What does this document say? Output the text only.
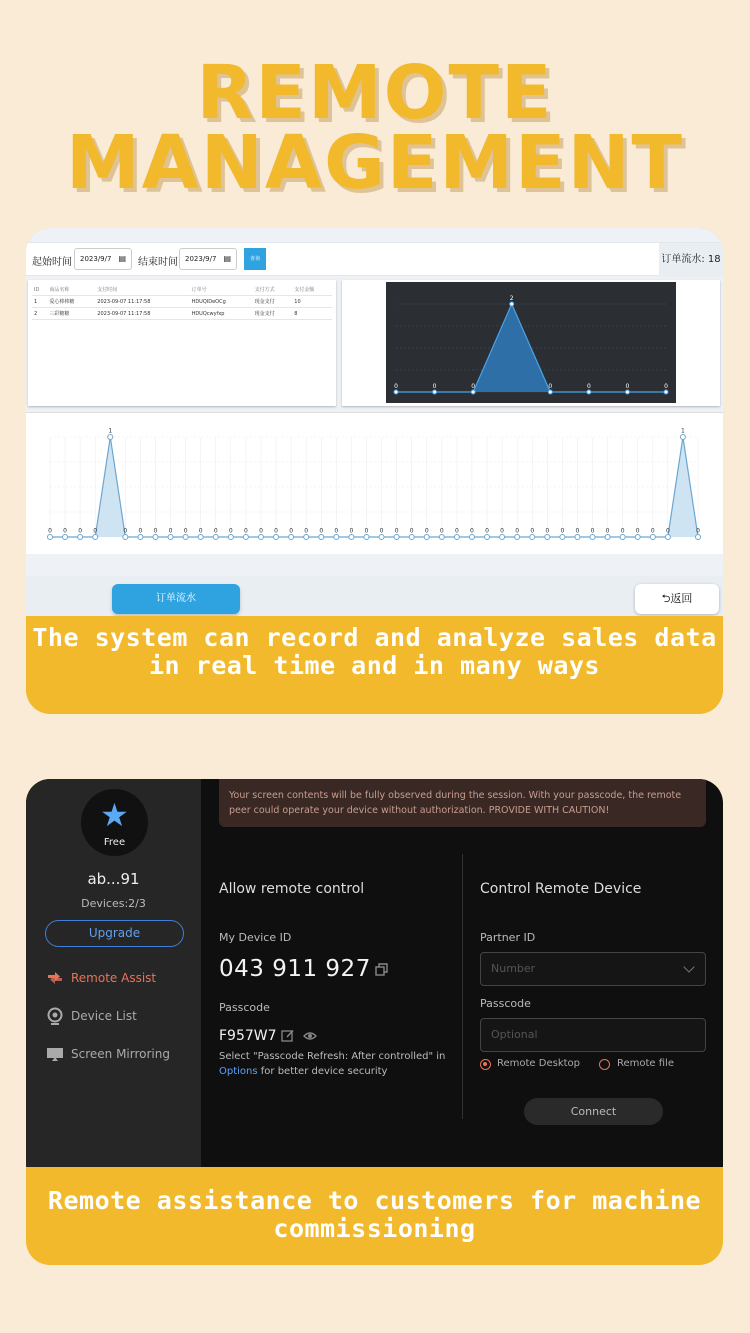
REMOTE
MANAGEMENT
起始时间	2023/9/7 ▤ 结束时间	2023/9/7 ▤	查询	订单流水: 18
ID	商品名称	支付时间	订单号	支付方式	支付金额
1	爱心棒棒糖	2023-09-07 11:17:58	HDUQIDeOCg	现金支付	10
2	三彩糖糖	2023-09-07 11:17:58	HDUQcwyfxp	现金支付	8
0	0	0
2
0	0	0	0
0 0 0 0
1
0 0 0 0 0 0 0 0 0 0 0 0 0 0 0 0 0 0 0 0 0 0 0 0 0 0 0 0 0 0 0 0 0 0 0 0 0
1
0
订单流水	⮌返回
The system can record and analyze sales data in real time and in many ways
★
Free
ab...91
Devices:2/3
Upgrade
Remote Assist
Device List
Screen Mirroring
Your screen contents will be fully observed during the session. With your passcode, the remote peer could operate your device without authorization. PROVIDE WITH CAUTION!
Allow remote control
My Device ID
043 911 927
Passcode
F957W7
Select "Passcode Refresh: After controlled" in Options for better device security
Control Remote Device
Partner ID
Number
Passcode
Optional
Remote Desktop	Remote file
Connect
Remote assistance to customers for machine commissioning
